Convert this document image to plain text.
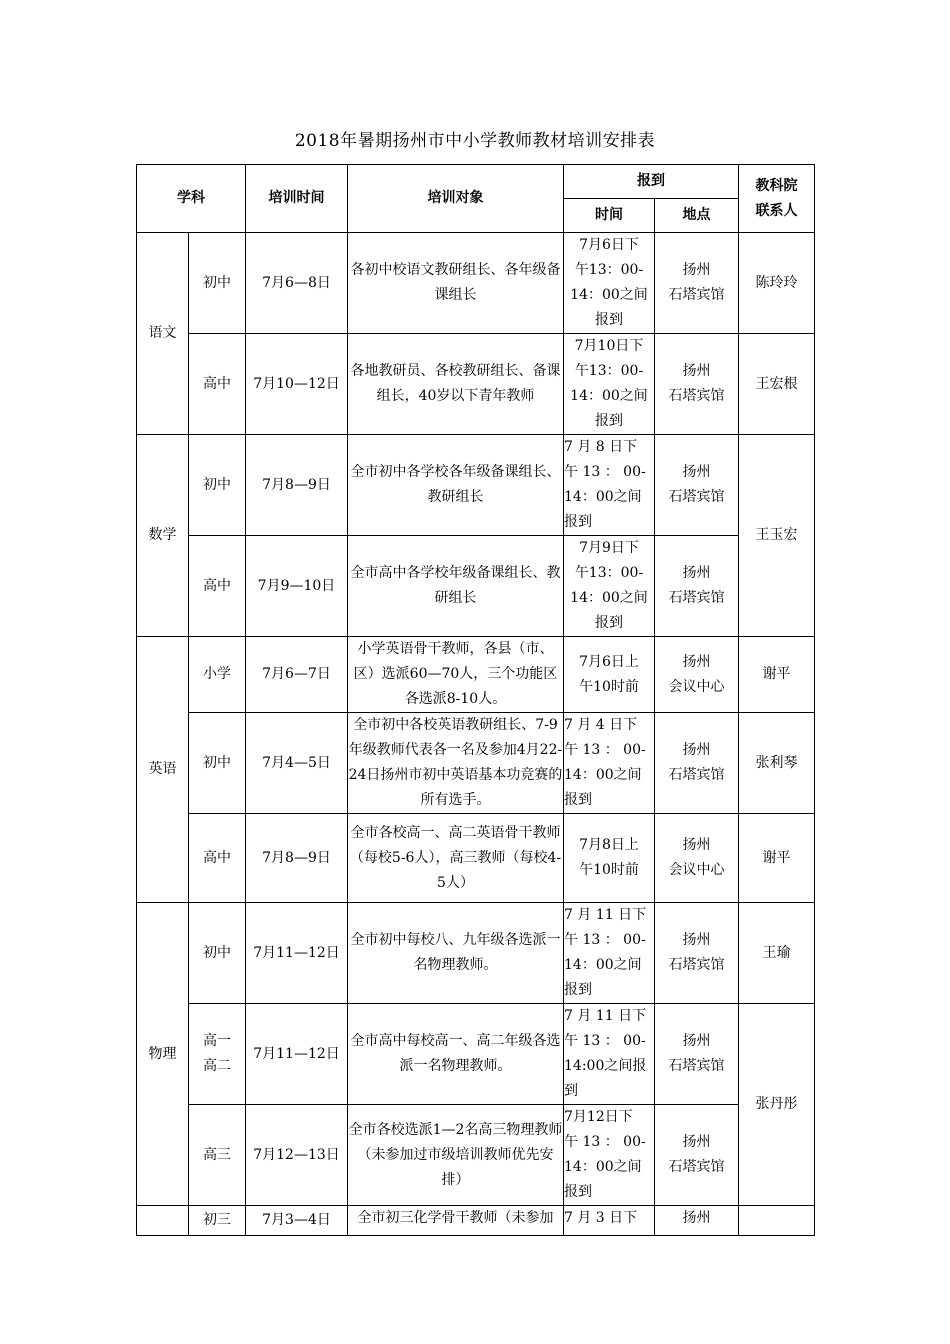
2018年暑期扬州市中小学教师教材培训安排表
学科		培训时间	培训对象	报到		教科院
联系人

				时间	地点	
语文	初中	7月6—8日	各初中校语文教研组长、各年级备课组长	7月6日下
午13：00-
14：00之间
报到	扬州
石塔宾馆	陈玲玲
	高中	7月10—12日	各地教研员、各校教研组长、备课组长，40岁以下青年教师	7月10日下
午13：00-
14：00之间
报到	扬州
石塔宾馆	王宏根
数学	初中	7月8—9日	全市初中各学校各年级备课组长、教研组长	7 月 8 日下
午 13 ： 00-
14：00之间
报到	扬州
石塔宾馆	王玉宏
	高中	7月9—10日	全市高中各学校年级备课组长、教研组长	7月9日下
午13：00-
14：00之间
报到	扬州
石塔宾馆	

英语	小学	7月6—7日	小学英语骨干教师，各县（市、区）选派60—70人，三个功能区各选派8-10人。	7月6日上
午10时前	扬州
会议中心	谢平
	初中	7月4—5日	全市初中各校英语教研组长、7-9年级教师代表各一名及参加4月22-24日扬州市初中英语基本功竞赛的所有选手。	7 月 4 日下
午 13 ： 00-
14：00之间
报到	扬州
石塔宾馆	张利琴
	高中	7月8—9日	全市各校高一、高二英语骨干教师（每校5-6人），高三教师（每校4-5人）	7月8日上
午10时前	扬州
会议中心	谢平
物理	初中	7月11—12日	全市初中每校八、九年级各选派一名物理教师。	7 月 11 日下
午 13 ： 00-
14：00之间
报到	扬州
石塔宾馆	王瑜

	高一
高二	7月11—12日	全市高中每校高一、高二年级各选派一名物理教师。	7 月 11 日下
午 13 ： 00-
14:00之间报
到	扬州
石塔宾馆	张丹彤
	高三	7月12—13日	全市各校选派1—2名高三物理教师（未参加过市级培训教师优先安排）	7月12日下
午 13 ： 00-
14：00之间
报到	扬州
石塔宾馆	

	初三	7月3—4日	全市初三化学骨干教师（未参加	7 月 3 日下	扬州	
